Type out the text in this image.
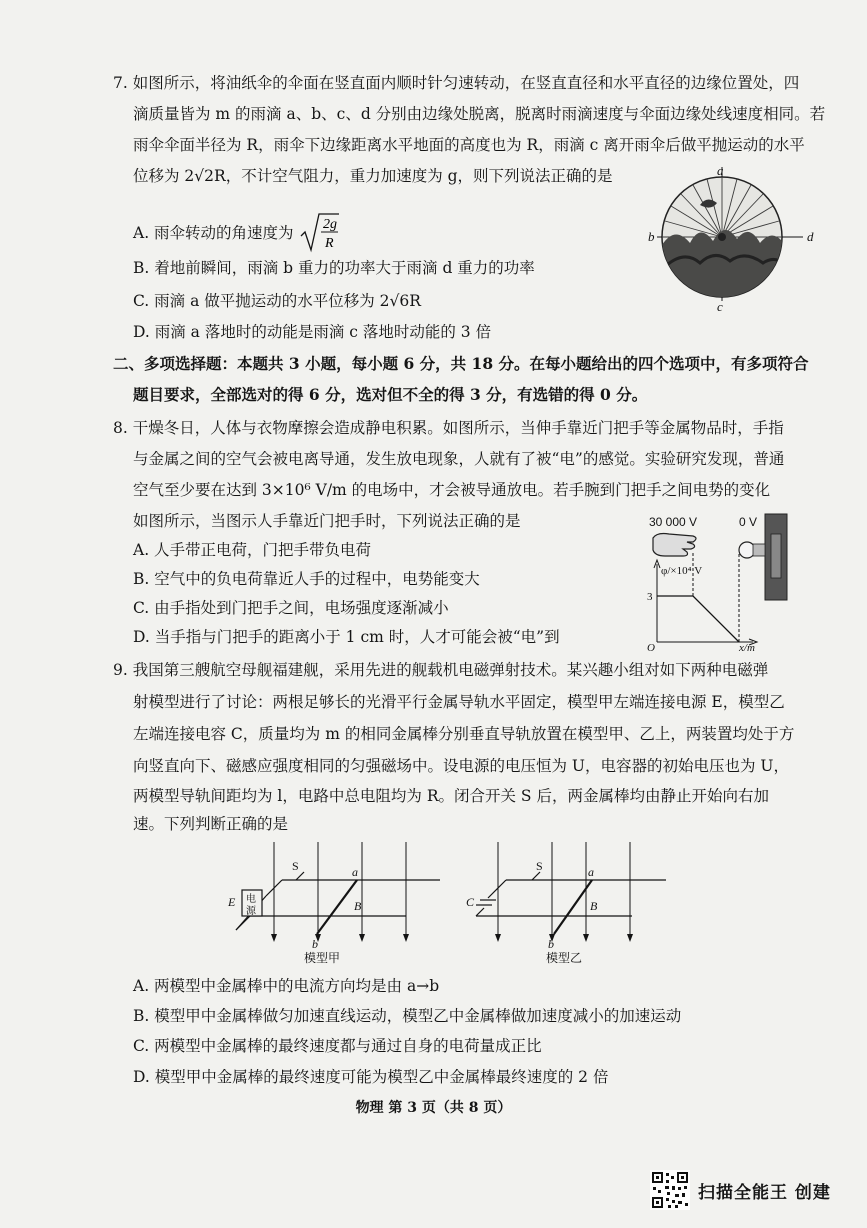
7. 如图所示，将油纸伞的伞面在竖直面内顺时针匀速转动，在竖直直径和水平直径的边缘位置处，四
滴质量皆为 m 的雨滴 a、b、c、d 分别由边缘处脱离，脱离时雨滴速度与伞面边缘处线速度相同。若
雨伞伞面半径为 R，雨伞下边缘距离水平地面的高度也为 R，雨滴 c 离开雨伞后做平抛运动的水平
位移为 2√2R，不计空气阻力，重力加速度为 g，则下列说法正确的是
A. 雨伞转动的角速度为 2g
R
B. 着地前瞬间，雨滴 b 重力的功率大于雨滴 d 重力的功率
C. 雨滴 a 做平抛运动的水平位移为 2√6R
D. 雨滴 a 落地时的动能是雨滴 c 落地时动能的 3 倍
a
b
c
d
二、多项选择题：本题共 3 小题，每小题 6 分，共 18 分。在每小题给出的四个选项中，有多项符合
题目要求，全部选对的得 6 分，选对但不全的得 3 分，有选错的得 0 分。
8. 干燥冬日，人体与衣物摩擦会造成静电积累。如图所示，当伸手靠近门把手等金属物品时，手指
与金属之间的空气会被电离导通，发生放电现象，人就有了被“电”的感觉。实验研究发现，普通
空气至少要在达到 3×10⁶ V/m 的电场中，才会被导通放电。若手腕到门把手之间电势的变化
如图所示，当图示人手靠近门把手时，下列说法正确的是
A. 人手带正电荷，门把手带负电荷
B. 空气中的负电荷靠近人手的过程中，电势能变大
C. 由手指处到门把手之间，电场强度逐渐减小
D. 当手指与门把手的距离小于 1 cm 时，人才可能会被“电”到
30 000 V	0 V
φ/×10⁴ V
3
O	x/m
9. 我国第三艘航空母舰福建舰，采用先进的舰载机电磁弹射技术。某兴趣小组对如下两种电磁弹
射模型进行了讨论：两根足够长的光滑平行金属导轨水平固定，模型甲左端连接电源 E，模型乙
左端连接电容 C，质量均为 m 的相同金属棒分别垂直导轨放置在模型甲、乙上，两装置均处于方
向竖直向下、磁感应强度相同的匀强磁场中。设电源的电压恒为 U，电容器的初始电压也为 U，
两模型导轨间距均为 l，电路中总电阻均为 R。闭合开关 S 后，两金属棒均由静止开始向右加
速。下列判断正确的是
E 电
源
S	a
b
B
模型甲
C
S	a
b
B
模型乙
A. 两模型中金属棒中的电流方向均是由 a→b
B. 模型甲中金属棒做匀加速直线运动，模型乙中金属棒做加速度减小的加速运动
C. 两模型中金属棒的最终速度都与通过自身的电荷量成正比
D. 模型甲中金属棒的最终速度可能为模型乙中金属棒最终速度的 2 倍
物理 第 3 页（共 8 页）
扫描全能王 创建
